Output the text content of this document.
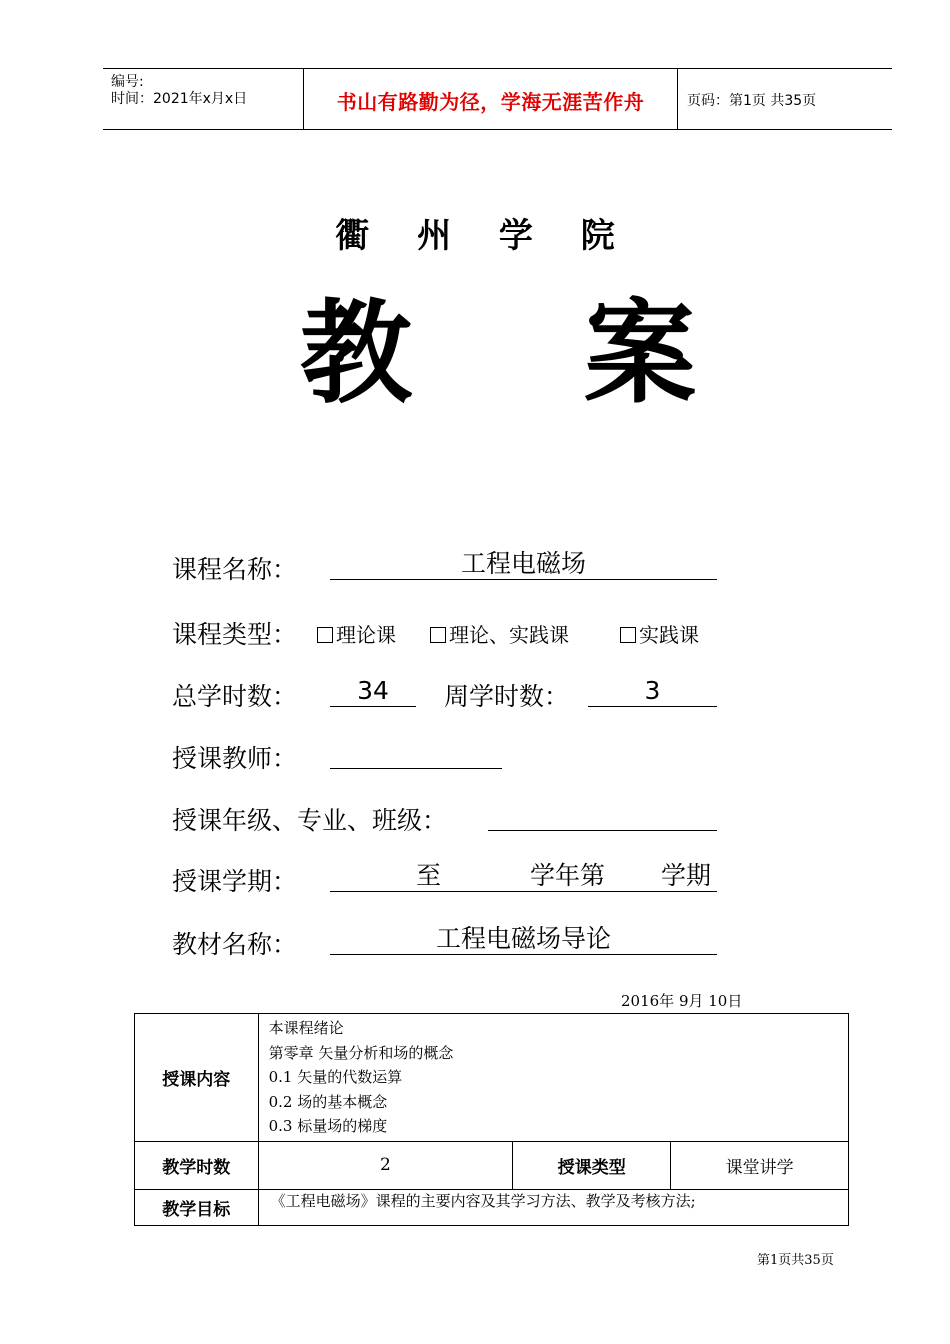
编号:
时间：2021年x月x日	书山有路勤为径，学海无涯苦作舟	页码：第1页 共35页
衢 州 学 院
教 案
课程名称：	工程电磁场
课程类型：	理论课	理论、实践课	实践课
总学时数：	34	周学时数：	3
授课教师：
授课年级、专业、班级：
授课学期：	至	学年第 学期
教材名称：	工程电磁场导论
2016年 9月 10日
授课内容	本课程绪论
第零章 矢量分析和场的概念
0.1 矢量的代数运算
0.2 场的基本概念
0.3 标量场的梯度		

教学时数	2	授课类型	课堂讲学
教学目标	《工程电磁场》课程的主要内容及其学习方法、教学及考核方法;		
第1页共35页
